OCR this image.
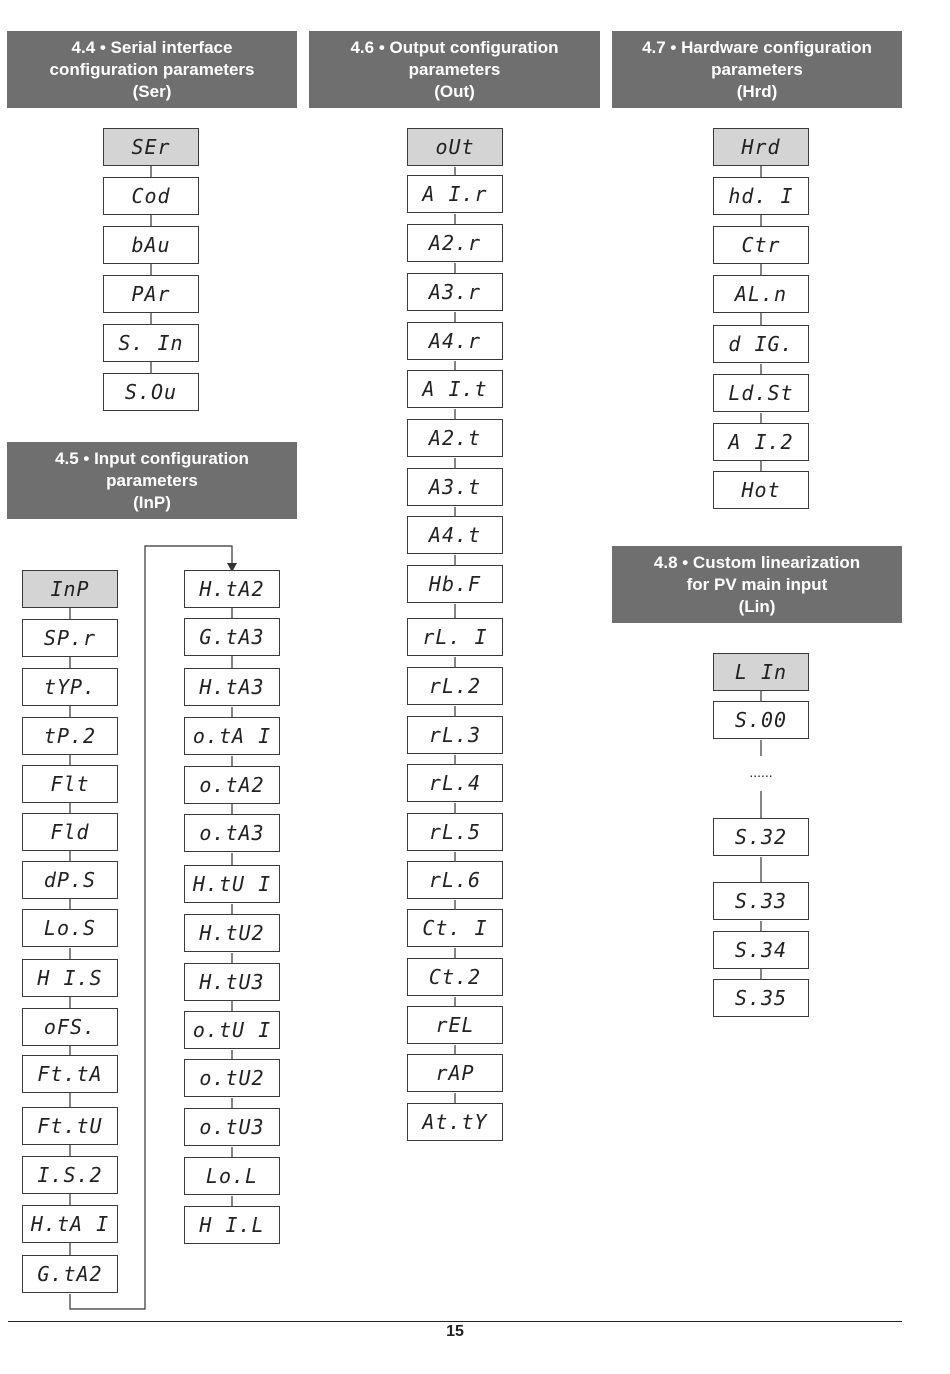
4.4 • Serial interface
configuration parameters
(Ser)
4.6 • Output configuration
parameters
(Out)
4.7 • Hardware configuration
parameters
(Hrd)
4.5 • Input configuration
parameters
(InP)
4.8 • Custom linearization
for PV main input
(Lin)
SEr
Cod
bAu
PAr
S. In
S.Ou
InP
SP.r
tYP.
tP.2
Flt
Fld
dP.S
Lo.S
H I.S
oFS.
Ft.tA
Ft.tU
I.S.2
H.tA I
G.tA2
H.tA2
G.tA3
H.tA3
o.tA I
o.tA2
o.tA3
H.tU I
H.tU2
H.tU3
o.tU I
o.tU2
o.tU3
Lo.L
H I.L
oUt
A I.r
A2.r
A3.r
A4.r
A I.t
A2.t
A3.t
A4.t
Hb.F
rL. I
rL.2
rL.3
rL.4
rL.5
rL.6
Ct. I
Ct.2
rEL
rAP
At.tY
Hrd
hd. I
Ctr
AL.n
d IG.
Ld.St
A I.2
Hot
L In
S.00
......
S.32
S.33
S.34
S.35
15
